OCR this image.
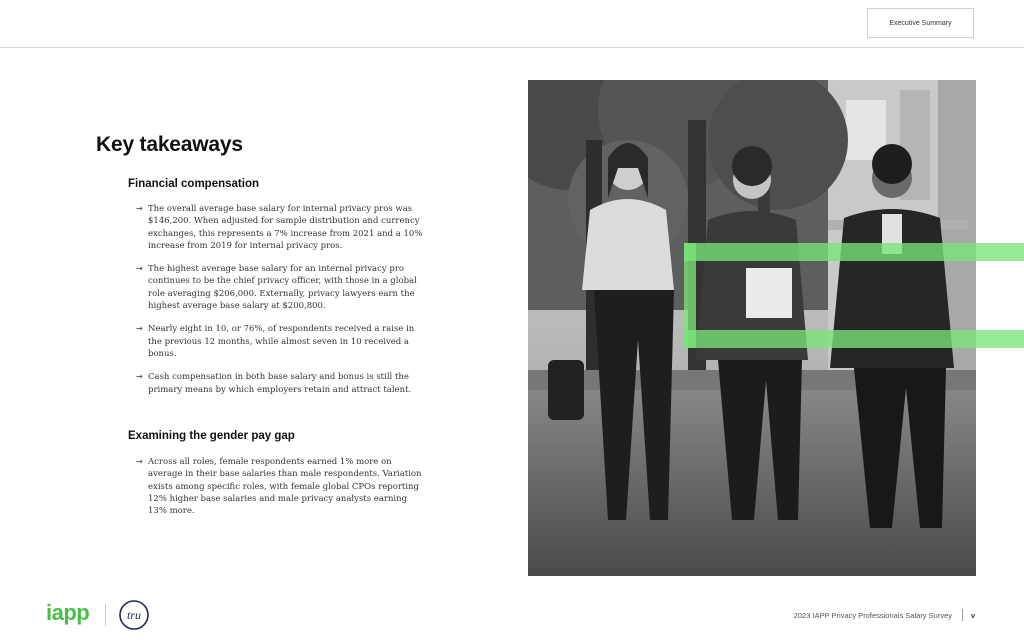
Executive Summary
Key takeaways
Financial compensation
→ The overall average base salary for internal privacy pros was $146,200. When adjusted for sample distribution and currency exchanges, this represents a 7% increase from 2021 and a 10% increase from 2019 for internal privacy pros.
→ The highest average base salary for an internal privacy pro continues to be the chief privacy officer, with those in a global role averaging $206,000. Externally, privacy lawyers earn the highest average base salary at $200,800.
→ Nearly eight in 10, or 76%, of respondents received a raise in the previous 12 months, while almost seven in 10 received a bonus.
→ Cash compensation in both base salary and bonus is still the primary means by which employers retain and attract talent.
Examining the gender pay gap
→ Across all roles, female respondents earned 1% more on average in their base salaries than male respondents. Variation exists among specific roles, with female global CPOs reporting 12% higher base salaries and male privacy analysts earning 13% more.
iapp	tru	2023 IAPP Privacy Professionals Salary Survey	v
